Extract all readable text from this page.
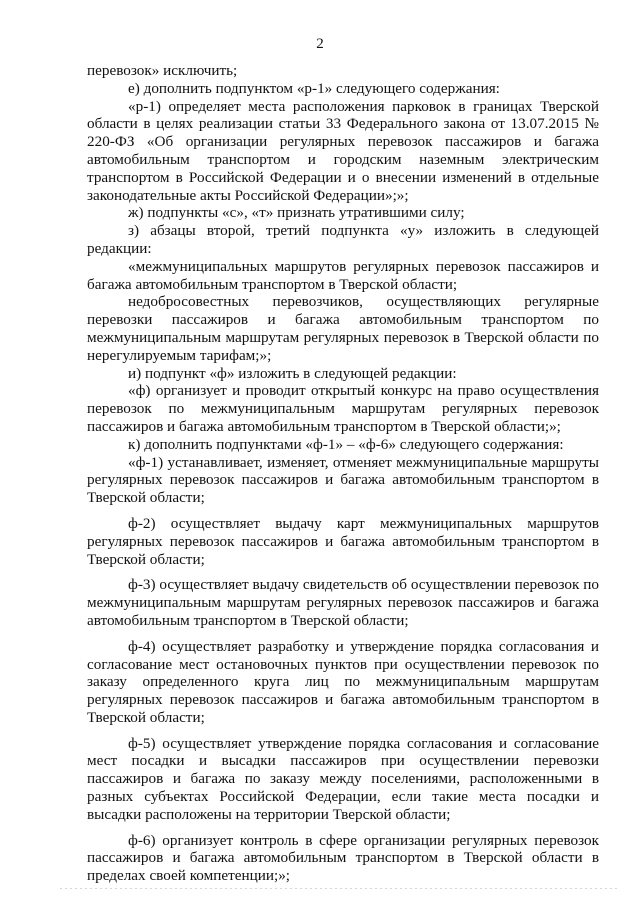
2

перевозок» исключить;

е) дополнить подпунктом «р-1» следующего содержания:

«р-1) определяет места расположения парковок в границах Тверской области в целях реализации статьи 33 Федерального закона от 13.07.2015 № 220-ФЗ «Об организации регулярных перевозок пассажиров и багажа автомобильным транспортом и городским наземным электрическим транспортом в Российской Федерации и о внесении изменений в отдельные законодательные акты Российской Федерации»;»;

ж) подпункты «с», «т» признать утратившими силу;

з) абзацы второй, третий подпункта «у» изложить в следующей редакции:

«межмуниципальных маршрутов регулярных перевозок пассажиров и багажа автомобильным транспортом в Тверской области;

недобросовестных перевозчиков, осуществляющих регулярные перевозки пассажиров и багажа автомобильным транспортом по межмуниципальным маршрутам регулярных перевозок в Тверской области по нерегулируемым тарифам;»;

и) подпункт «ф» изложить в следующей редакции:

«ф) организует и проводит открытый конкурс на право осуществления перевозок по межмуниципальным маршрутам регулярных перевозок пассажиров и багажа автомобильным транспортом в Тверской области;»;

к) дополнить подпунктами «ф-1» – «ф-6» следующего содержания:

«ф-1) устанавливает, изменяет, отменяет межмуниципальные маршруты регулярных перевозок пассажиров и багажа автомобильным транспортом в Тверской области;

ф-2) осуществляет выдачу карт межмуниципальных маршрутов регулярных перевозок пассажиров и багажа автомобильным транспортом в Тверской области;

ф-3) осуществляет выдачу свидетельств об осуществлении перевозок по межмуниципальным маршрутам регулярных перевозок пассажиров и багажа автомобильным транспортом в Тверской области;

ф-4) осуществляет разработку и утверждение порядка согласования и согласование мест остановочных пунктов при осуществлении перевозок по заказу определенного круга лиц по межмуниципальным маршрутам регулярных перевозок пассажиров и багажа автомобильным транспортом в Тверской области;

ф-5) осуществляет утверждение порядка согласования и согласование мест посадки и высадки пассажиров при осуществлении перевозки пассажиров и багажа по заказу между поселениями, расположенными в разных субъектах Российской Федерации, если такие места посадки и высадки расположены на территории Тверской области;

ф-6) организует контроль в сфере организации регулярных перевозок пассажиров и багажа автомобильным транспортом в Тверской области в пределах своей компетенции;»;
